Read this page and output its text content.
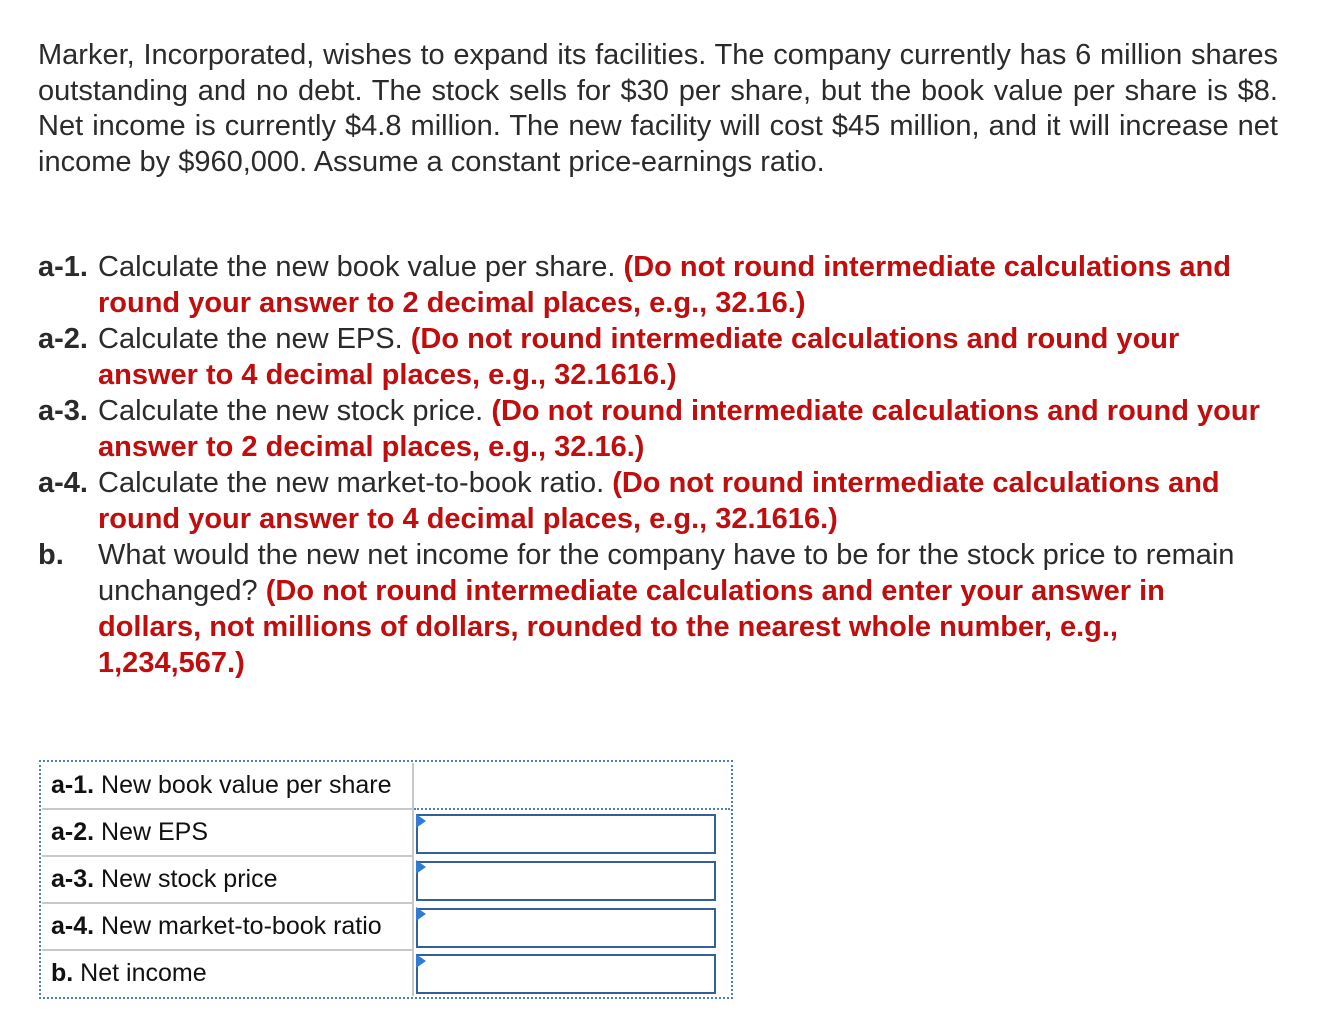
Marker, Incorporated, wishes to expand its facilities. The company currently has 6 million shares outstanding and no debt. The stock sells for $30 per share, but the book value per share is $8. Net income is currently $4.8 million. The new facility will cost $45 million, and it will increase net income by $960,000. Assume a constant price-earnings ratio.

a-1. Calculate the new book value per share. (Do not round intermediate calculations and round your answer to 2 decimal places, e.g., 32.16.)
a-2. Calculate the new EPS. (Do not round intermediate calculations and round your answer to 4 decimal places, e.g., 32.1616.)
a-3. Calculate the new stock price. (Do not round intermediate calculations and round your answer to 2 decimal places, e.g., 32.16.)
a-4. Calculate the new market-to-book ratio. (Do not round intermediate calculations and round your answer to 4 decimal places, e.g., 32.1616.)
b.	What would the new net income for the company have to be for the stock price to remain unchanged? (Do not round intermediate calculations and enter your answer in dollars, not millions of dollars, rounded to the nearest whole number, e.g., 1,234,567.)
a-1. New book value per share	
a-2. New EPS	

a-3. New stock price	

a-4. New market-to-book ratio	

b. Net income	
